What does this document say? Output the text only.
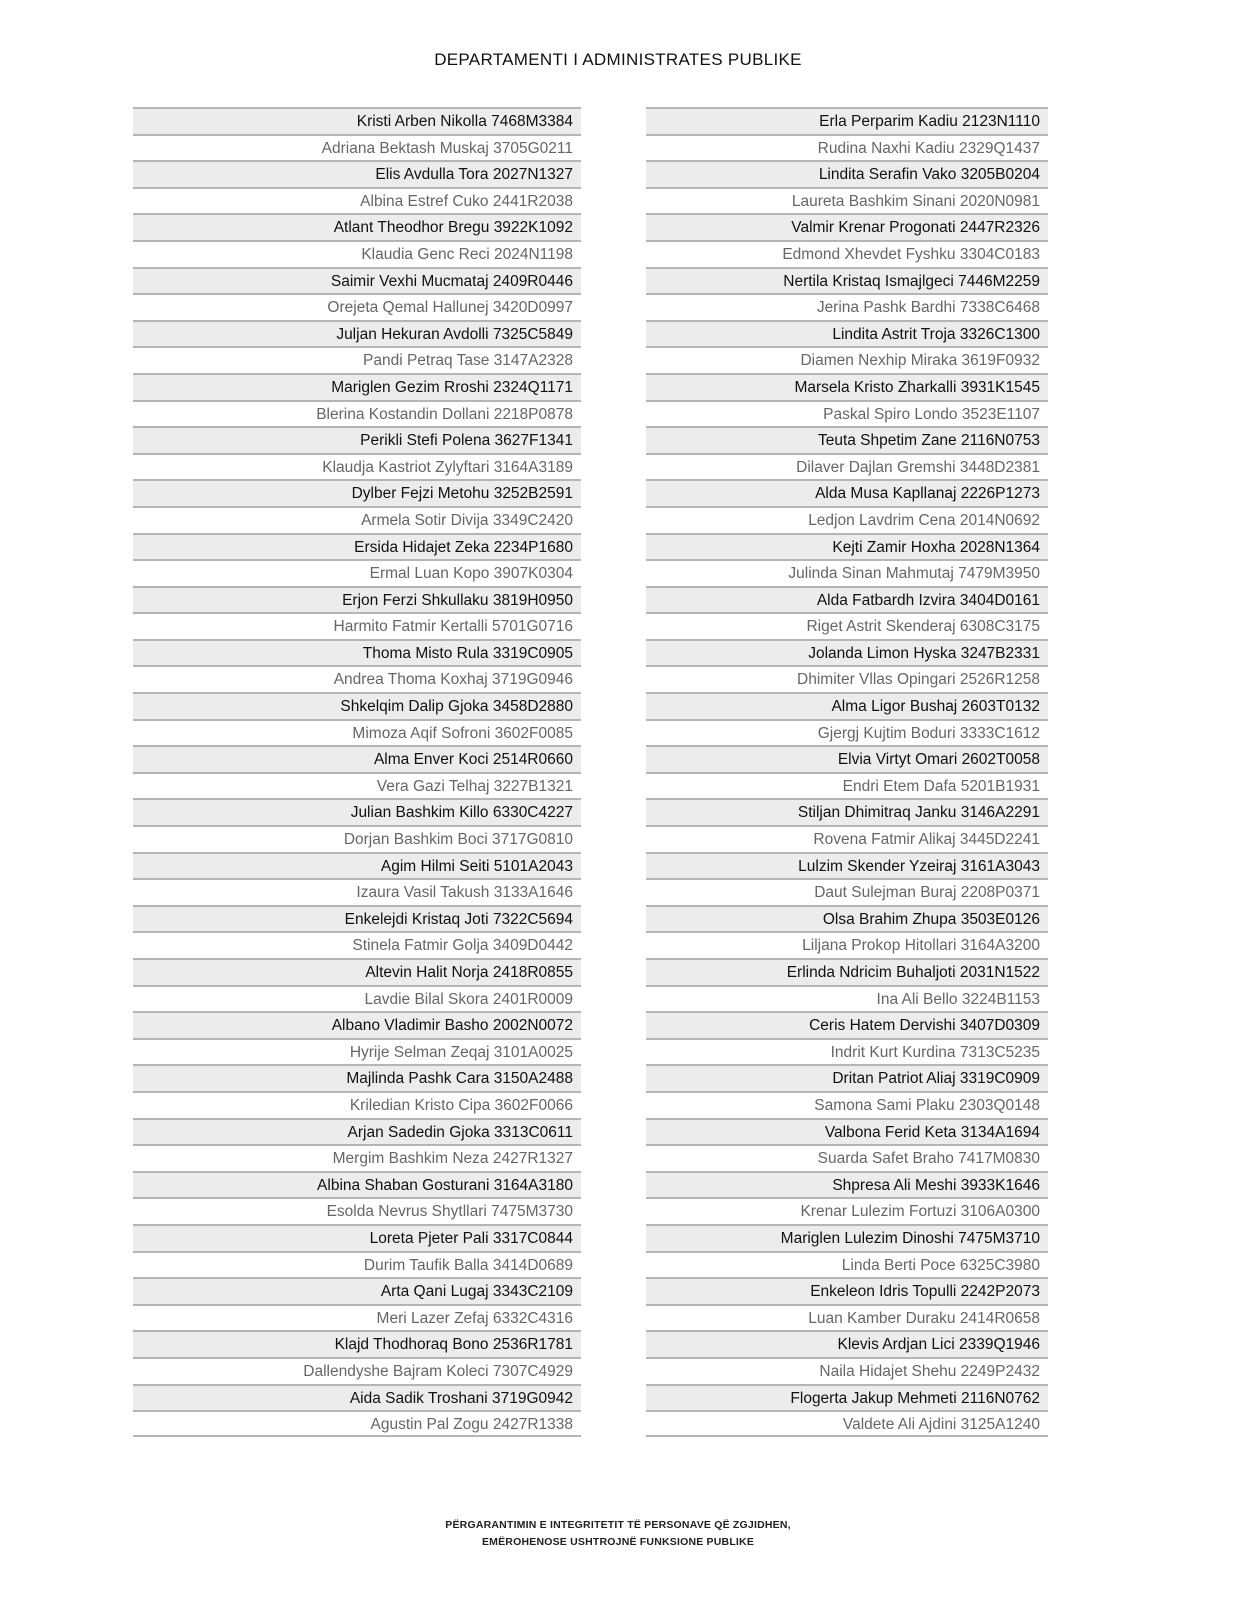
DEPARTAMENTI I ADMINISTRATES PUBLIKE
Kristi Arben Nikolla 7468M3384
Adriana Bektash Muskaj 3705G0211
Elis Avdulla Tora 2027N1327
Albina Estref Cuko 2441R2038
Atlant Theodhor Bregu 3922K1092
Klaudia Genc Reci 2024N1198
Saimir Vexhi Mucmataj 2409R0446
Orejeta Qemal Hallunej 3420D0997
Juljan Hekuran Avdolli 7325C5849
Pandi Petraq Tase 3147A2328
Mariglen Gezim Rroshi 2324Q1171
Blerina Kostandin Dollani 2218P0878
Perikli Stefi Polena 3627F1341
Klaudja Kastriot Zylyftari 3164A3189
Dylber Fejzi Metohu 3252B2591
Armela Sotir Divija 3349C2420
Ersida Hidajet Zeka 2234P1680
Ermal Luan Kopo 3907K0304
Erjon Ferzi Shkullaku 3819H0950
Harmito Fatmir Kertalli 5701G0716
Thoma Misto Rula 3319C0905
Andrea Thoma Koxhaj 3719G0946
Shkelqim Dalip Gjoka 3458D2880
Mimoza Aqif Sofroni 3602F0085
Alma Enver Koci 2514R0660
Vera Gazi Telhaj 3227B1321
Julian Bashkim Killo 6330C4227
Dorjan Bashkim Boci 3717G0810
Agim Hilmi Seiti 5101A2043
Izaura Vasil Takush 3133A1646
Enkelejdi Kristaq Joti 7322C5694
Stinela Fatmir Golja 3409D0442
Altevin Halit Norja 2418R0855
Lavdie Bilal Skora 2401R0009
Albano Vladimir Basho 2002N0072
Hyrije Selman Zeqaj 3101A0025
Majlinda Pashk Cara 3150A2488
Kriledian Kristo Cipa 3602F0066
Arjan Sadedin Gjoka 3313C0611
Mergim Bashkim Neza 2427R1327
Albina Shaban Gosturani 3164A3180
Esolda Nevrus Shytllari 7475M3730
Loreta Pjeter Pali 3317C0844
Durim Taufik Balla 3414D0689
Arta Qani Lugaj 3343C2109
Meri Lazer Zefaj 6332C4316
Klajd Thodhoraq Bono 2536R1781
Dallendyshe Bajram Koleci 7307C4929
Aida Sadik Troshani 3719G0942
Agustin Pal Zogu 2427R1338
Erla Perparim Kadiu 2123N1110
Rudina Naxhi Kadiu 2329Q1437
Lindita Serafin Vako 3205B0204
Laureta Bashkim Sinani 2020N0981
Valmir Krenar Progonati 2447R2326
Edmond Xhevdet Fyshku 3304C0183
Nertila Kristaq Ismajlgeci 7446M2259
Jerina Pashk Bardhi 7338C6468
Lindita Astrit Troja 3326C1300
Diamen Nexhip Miraka 3619F0932
Marsela Kristo Zharkalli 3931K1545
Paskal Spiro Londo 3523E1107
Teuta Shpetim Zane 2116N0753
Dilaver Dajlan Gremshi 3448D2381
Alda Musa Kapllanaj 2226P1273
Ledjon Lavdrim Cena 2014N0692
Kejti Zamir Hoxha 2028N1364
Julinda Sinan Mahmutaj 7479M3950
Alda Fatbardh Izvira 3404D0161
Riget Astrit Skenderaj 6308C3175
Jolanda Limon Hyska 3247B2331
Dhimiter Vllas Opingari 2526R1258
Alma Ligor Bushaj 2603T0132
Gjergj Kujtim Boduri 3333C1612
Elvia Virtyt Omari 2602T0058
Endri Etem Dafa 5201B1931
Stiljan Dhimitraq Janku 3146A2291
Rovena Fatmir Alikaj 3445D2241
Lulzim Skender Yzeiraj 3161A3043
Daut Sulejman Buraj 2208P0371
Olsa Brahim Zhupa 3503E0126
Liljana Prokop Hitollari 3164A3200
Erlinda Ndricim Buhaljoti 2031N1522
Ina Ali Bello 3224B1153
Ceris Hatem Dervishi 3407D0309
Indrit Kurt Kurdina 7313C5235
Dritan Patriot Aliaj 3319C0909
Samona Sami Plaku 2303Q0148
Valbona Ferid Keta 3134A1694
Suarda Safet Braho 7417M0830
Shpresa Ali Meshi 3933K1646
Krenar Lulezim Fortuzi 3106A0300
Mariglen Lulezim Dinoshi 7475M3710
Linda Berti Poce 6325C3980
Enkeleon Idris Topulli 2242P2073
Luan Kamber Duraku 2414R0658
Klevis Ardjan Lici 2339Q1946
Naila Hidajet Shehu 2249P2432
Flogerta Jakup Mehmeti 2116N0762
Valdete Ali Ajdini 3125A1240
PËRGARANTIMIN E INTEGRITETIT TË PERSONAVE QË ZGJIDHEN,
EMËROHENOSE USHTROJNË FUNKSIONE PUBLIKE
